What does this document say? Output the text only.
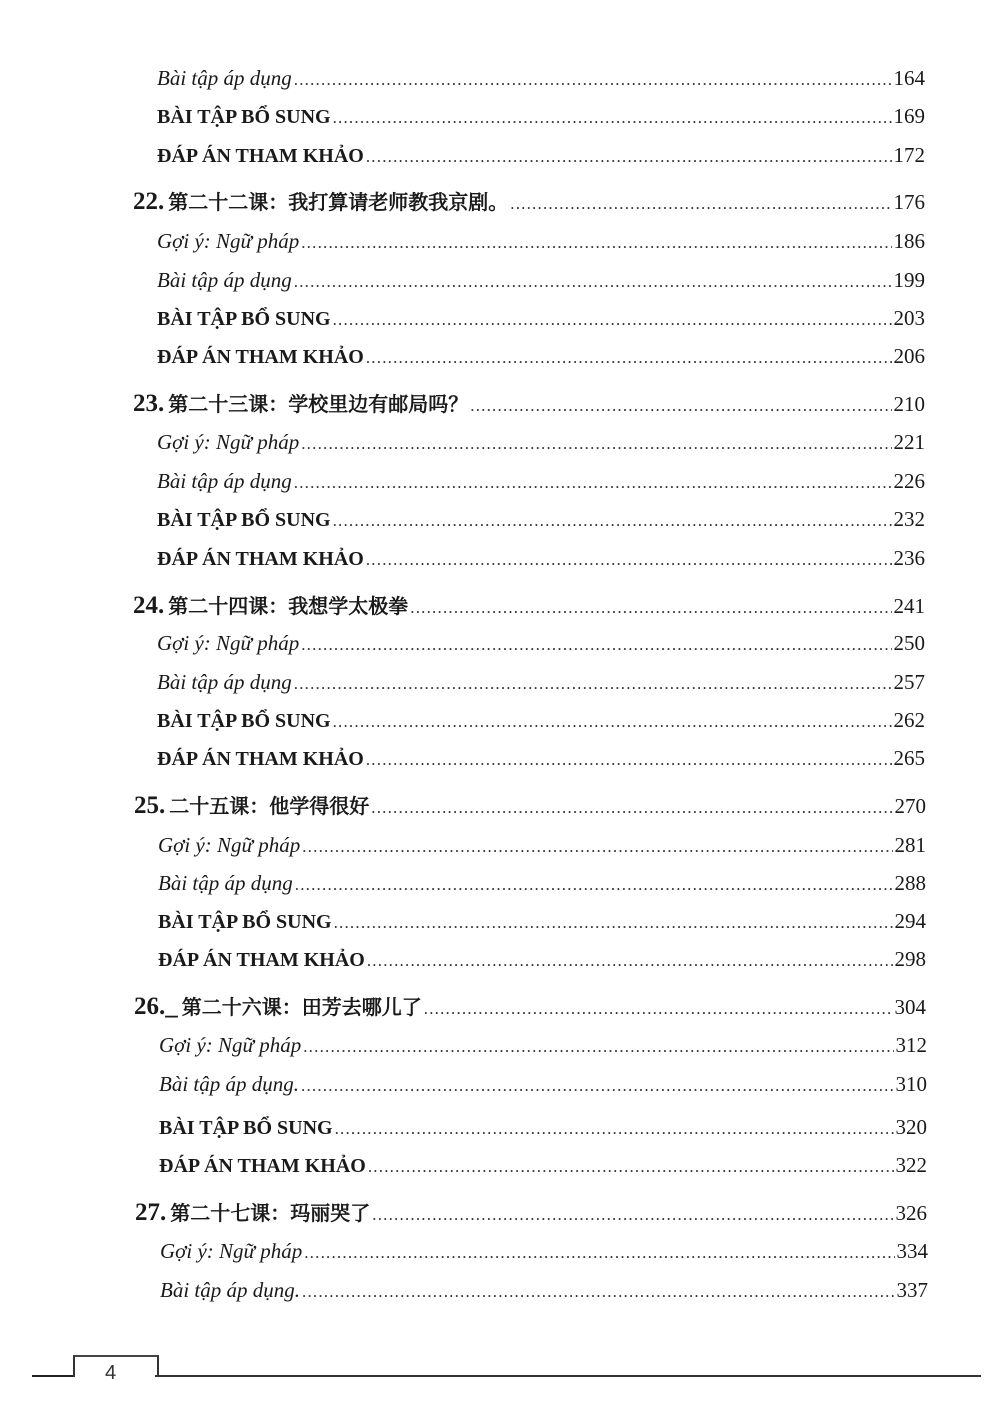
Bài tập áp dụng .....	164
BÀI TẬP BỔ SUNG .....	169
ĐÁP ÁN THAM KHẢO .....	172
22. 第二十二课：我打算请老师教我京剧。 .....	176
Gợi ý: Ngữ pháp .....	186
Bài tập áp dụng .....	199
BÀI TẬP BỔ SUNG .....	203
ĐÁP ÁN THAM KHẢO .....	206
23. 第二十三课：学校里边有邮局吗？ .....	210
Gợi ý: Ngữ pháp .....	221
Bài tập áp dụng .....	226
BÀI TẬP BỔ SUNG .....	232
ĐÁP ÁN THAM KHẢO .....	236
24. 第二十四课：我想学太极拳 .....	241
Gợi ý: Ngữ pháp .....	250
Bài tập áp dụng .....	257
BÀI TẬP BỔ SUNG .....	262
ĐÁP ÁN THAM KHẢO .....	265
25. 二十五课：他学得很好 .....	270
Gợi ý: Ngữ pháp .....	281
Bài tập áp dụng .....	288
BÀI TẬP BỔ SUNG .....	294
ĐÁP ÁN THAM KHẢO .....	298
26._ 第二十六课：田芳去哪儿了 .....	304
Gợi ý: Ngữ pháp .....	312
Bài tập áp dụng. .....	310
BÀI TẬP BỔ SUNG .....	320
ĐÁP ÁN THAM KHẢO .....	322
27. 第二十七课：玛丽哭了 .....	326
Gợi ý: Ngữ pháp .....	334
Bài tập áp dụng. .....	337
4
